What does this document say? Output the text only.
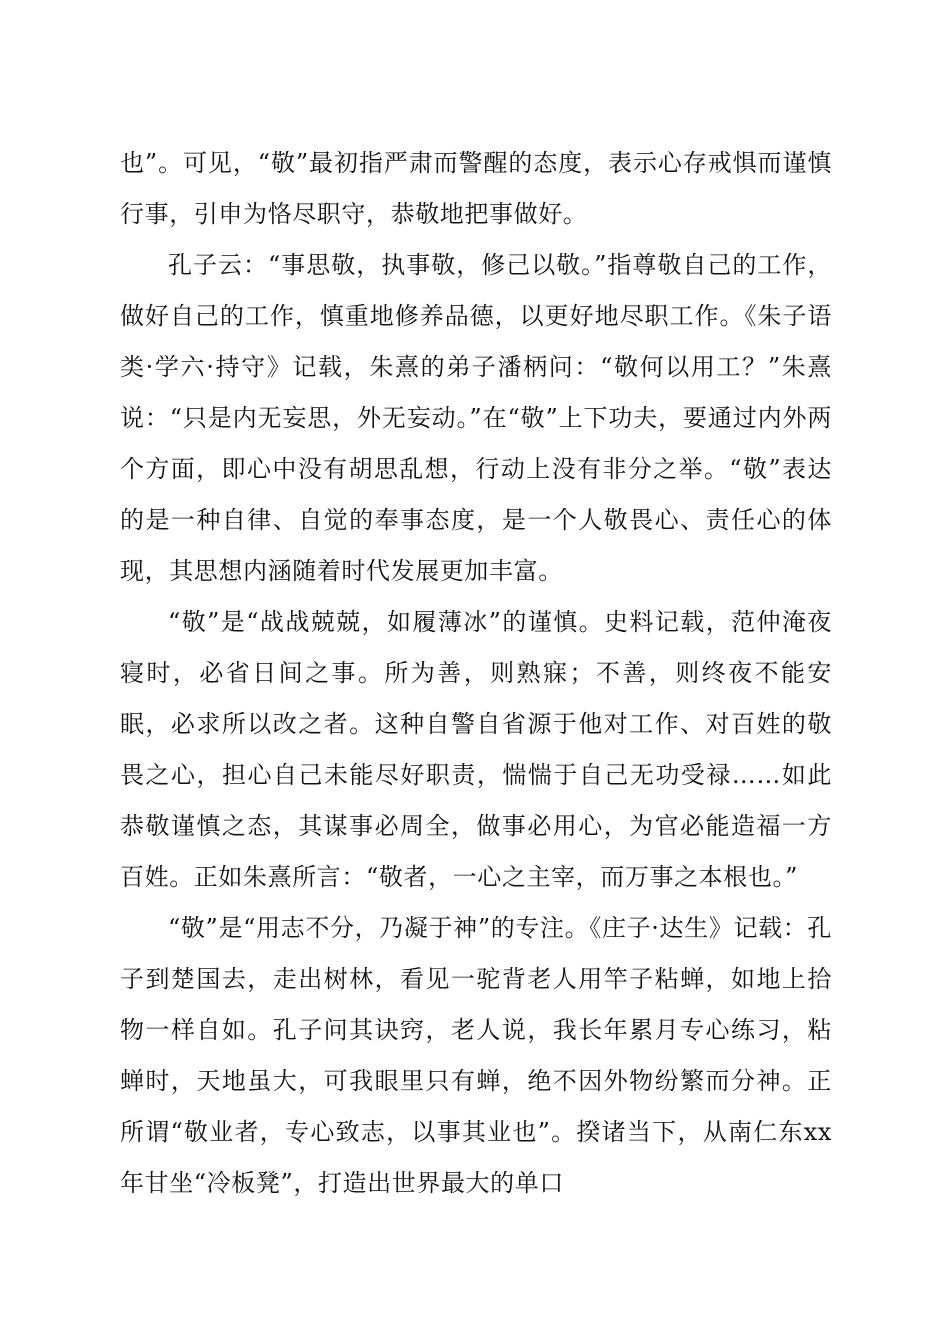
也”。可见，“敬”最初指严肃而警醒的态度，表示心存戒惧而谨慎行事，引申为恪尽职守，恭敬地把事做好。

孔子云：“事思敬，执事敬，修己以敬。”指尊敬自己的工作，做好自己的工作，慎重地修养品德，以更好地尽职工作。《朱子语类·学六·持守》记载，朱熹的弟子潘柄问：“敬何以用工？”朱熹说：“只是内无妄思，外无妄动。”在“敬”上下功夫，要通过内外两个方面，即心中没有胡思乱想，行动上没有非分之举。“敬”表达的是一种自律、自觉的奉事态度，是一个人敬畏心、责任心的体现，其思想内涵随着时代发展更加丰富。

“敬”是“战战兢兢，如履薄冰”的谨慎。史料记载，范仲淹夜寝时，必省日间之事。所为善，则熟寐；不善，则终夜不能安眠，必求所以改之者。这种自警自省源于他对工作、对百姓的敬畏之心，担心自己未能尽好职责，惴惴于自己无功受禄……如此恭敬谨慎之态，其谋事必周全，做事必用心，为官必能造福一方百姓。正如朱熹所言：“敬者，一心之主宰，而万事之本根也。”

“敬”是“用志不分，乃凝于神”的专注。《庄子·达生》记载：孔子到楚国去，走出树林，看见一驼背老人用竿子粘蝉，如地上拾物一样自如。孔子问其诀窍，老人说，我长年累月专心练习，粘蝉时，天地虽大，可我眼里只有蝉，绝不因外物纷繁而分神。正所谓“敬业者，专心致志，以事其业也”。揆诸当下，从南仁东xx年甘坐“冷板凳”，打造出世界最大的单口
